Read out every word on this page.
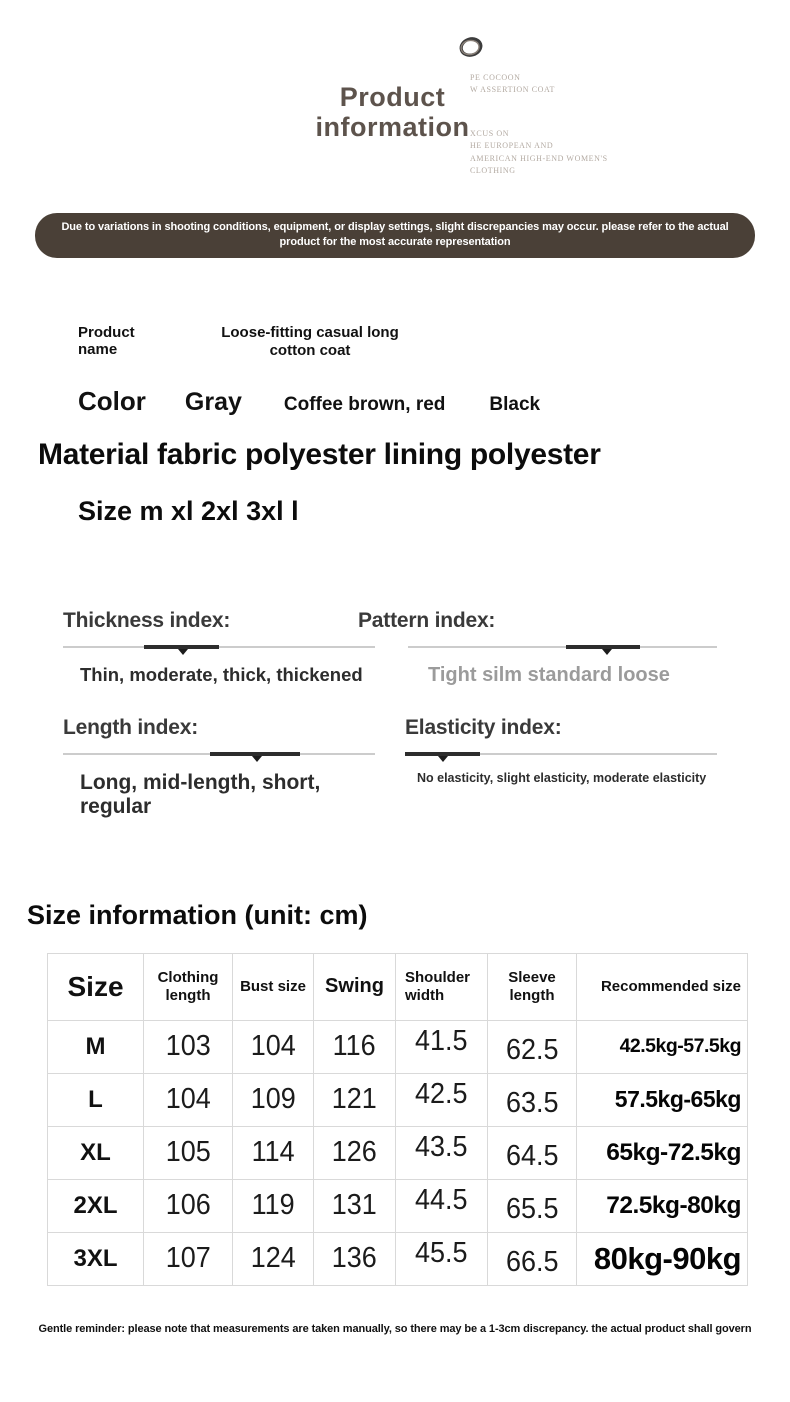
Product
information
PE COCOON
W ASSERTION COAT
XCUS ON
HE EUROPEAN AND
AMERICAN HIGH-END WOMEN'S
CLOTHING
Due to variations in shooting conditions, equipment, or display settings, slight discrepancies may occur. please refer to the actual product for the most accurate representation
Product name
Loose-fitting casual long cotton coat
Color Gray Coffee brown, red Black
Material fabric polyester lining polyester
Size m xl 2xl 3xl l
Thickness index:
Thin, moderate, thick, thickened
Pattern index:
Tight silm standard loose
Length index:
Long, mid-length, short, regular
Elasticity index:
No elasticity, slight elasticity, moderate elasticity
Size information (unit: cm)
Size	Clothing length	Bust size	Swing	Shoulder width	Sleeve length	Recommended size
M	103	104	116	41.5	62.5	42.5kg-57.5kg
L	104	109	121	42.5	63.5	57.5kg-65kg
XL	105	114	126	43.5	64.5	65kg-72.5kg
2XL	106	119	131	44.5	65.5	72.5kg-80kg
3XL	107	124	136	45.5	66.5	80kg-90kg
Gentle reminder: please note that measurements are taken manually, so there may be a 1-3cm discrepancy. the actual product shall govern
